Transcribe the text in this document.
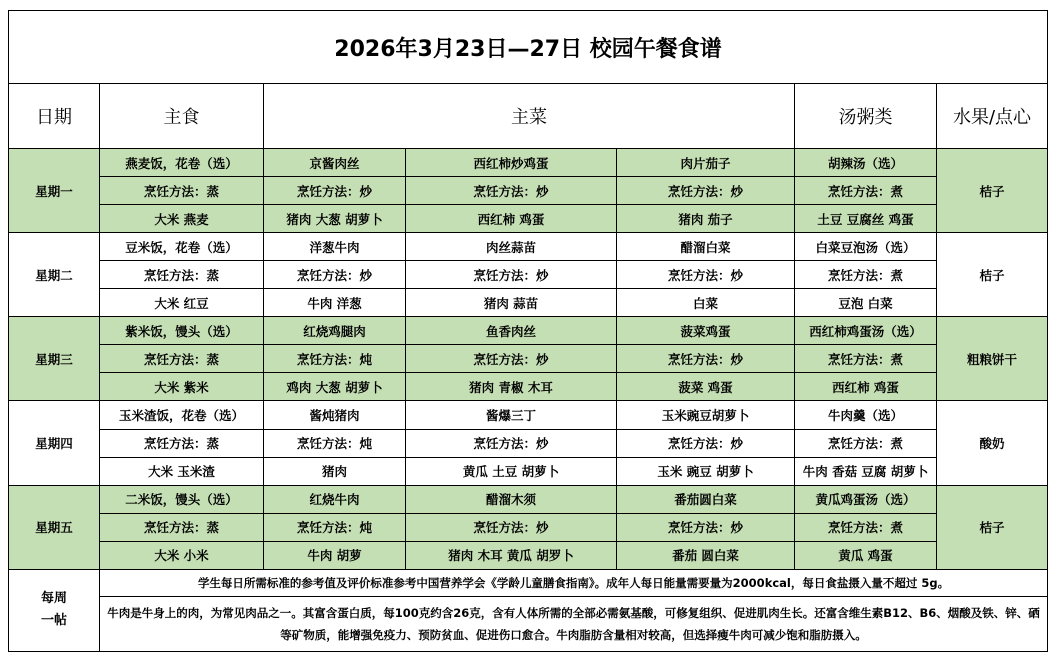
2026年3月23日—27日 校园午餐食谱						
日期	主食	主菜			汤粥类	水果/点心
星期一	燕麦饭，花卷（选）	京酱肉丝	西红柿炒鸡蛋	肉片茄子	胡辣汤（选）	桔子
	烹饪方法：蒸	烹饪方法：炒	烹饪方法：炒	烹饪方法：炒	烹饪方法：煮	
	大米 燕麦	猪肉 大葱 胡萝卜	西红柿 鸡蛋	猪肉 茄子	土豆 豆腐丝 鸡蛋	
星期二	豆米饭，花卷（选）	洋葱牛肉	肉丝蒜苗	醋溜白菜	白菜豆泡汤（选）	桔子
	烹饪方法：蒸	烹饪方法：炒	烹饪方法：炒	烹饪方法：炒	烹饪方法：煮	
	大米 红豆	牛肉 洋葱	猪肉 蒜苗	白菜	豆泡 白菜	
星期三	紫米饭，馒头（选）	红烧鸡腿肉	鱼香肉丝	菠菜鸡蛋	西红柿鸡蛋汤（选）	粗粮饼干
	烹饪方法：蒸	烹饪方法：炖	烹饪方法：炒	烹饪方法：炒	烹饪方法：煮	
	大米 紫米	鸡肉 大葱 胡萝卜	猪肉 青椒 木耳	菠菜 鸡蛋	西红柿 鸡蛋	
星期四	玉米渣饭，花卷（选）	酱炖猪肉	酱爆三丁	玉米豌豆胡萝卜	牛肉羹（选）	酸奶
	烹饪方法：蒸	烹饪方法：炖	烹饪方法：炒	烹饪方法：炒	烹饪方法：煮	
	大米 玉米渣	猪肉	黄瓜 土豆 胡萝卜	玉米 豌豆 胡萝卜	牛肉 香菇 豆腐 胡萝卜	
星期五	二米饭，馒头（选）	红烧牛肉	醋溜木须	番茄圆白菜	黄瓜鸡蛋汤（选）	桔子
	烹饪方法：蒸	烹饪方法：炖	烹饪方法：炒	烹饪方法：炒	烹饪方法：煮	
	大米 小米	牛肉 胡萝	猪肉 木耳 黄瓜 胡罗卜	番茄 圆白菜	黄瓜 鸡蛋	
每周
一帖	学生每日所需标准的参考值及评价标准参考中国营养学会《学龄儿童膳食指南》。成年人每日能量需要量为2000kcal，每日食盐摄入量不超过 5g。					
	牛肉是牛身上的肉，为常见肉品之一。其富含蛋白质，每100克约含26克，含有人体所需的全部必需氨基酸，可修复组织、促进肌肉生长。还富含维生素B12、B6、烟酸及铁、锌、硒等矿物质，能增强免疫力、预防贫血、促进伤口愈合。牛肉脂肪含量相对较高，但选择瘦牛肉可减少饱和脂肪摄入。					
